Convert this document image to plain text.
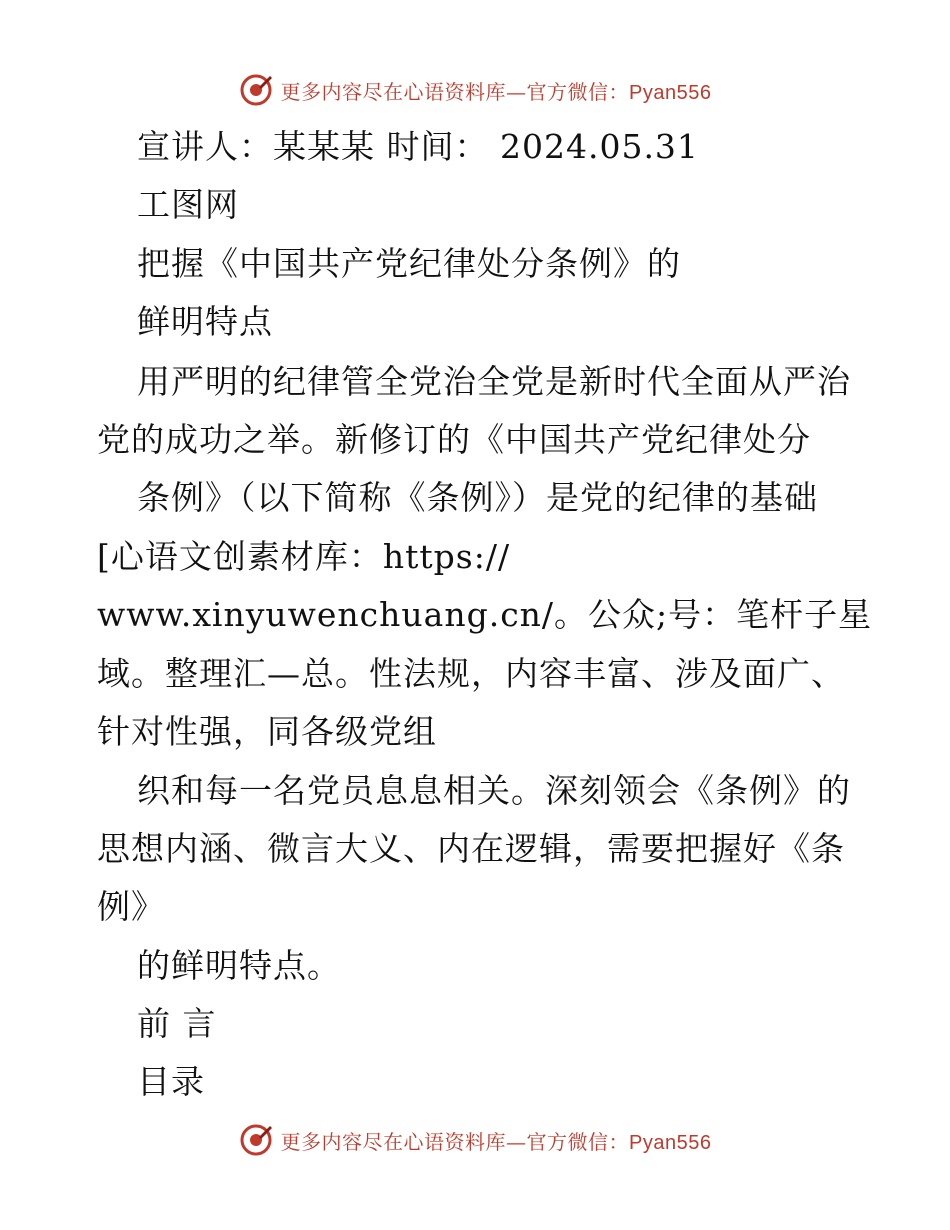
更多内容尽在心语资料库—官方微信：Pyan556
宣讲人：某某某 时间： 2024.05.31
工图网
把握《中国共产党纪律处分条例》的
鲜明特点
用严明的纪律管全党治全党是新时代全面从严治
党的成功之举。新修订的《中国共产党纪律处分
条例》（以下简称《条例》）是党的纪律的基础
[心语文创素材库：https://
www.xinyuwenchuang.cn/。公众;号：笔杆子星
域。整理汇—总。性法规，内容丰富、涉及面广、
针对性强，同各级党组
织和每一名党员息息相关。深刻领会《条例》的
思想内涵、微言大义、内在逻辑，需要把握好《条
例》
的鲜明特点。
前 言
目录
更多内容尽在心语资料库—官方微信：Pyan556
